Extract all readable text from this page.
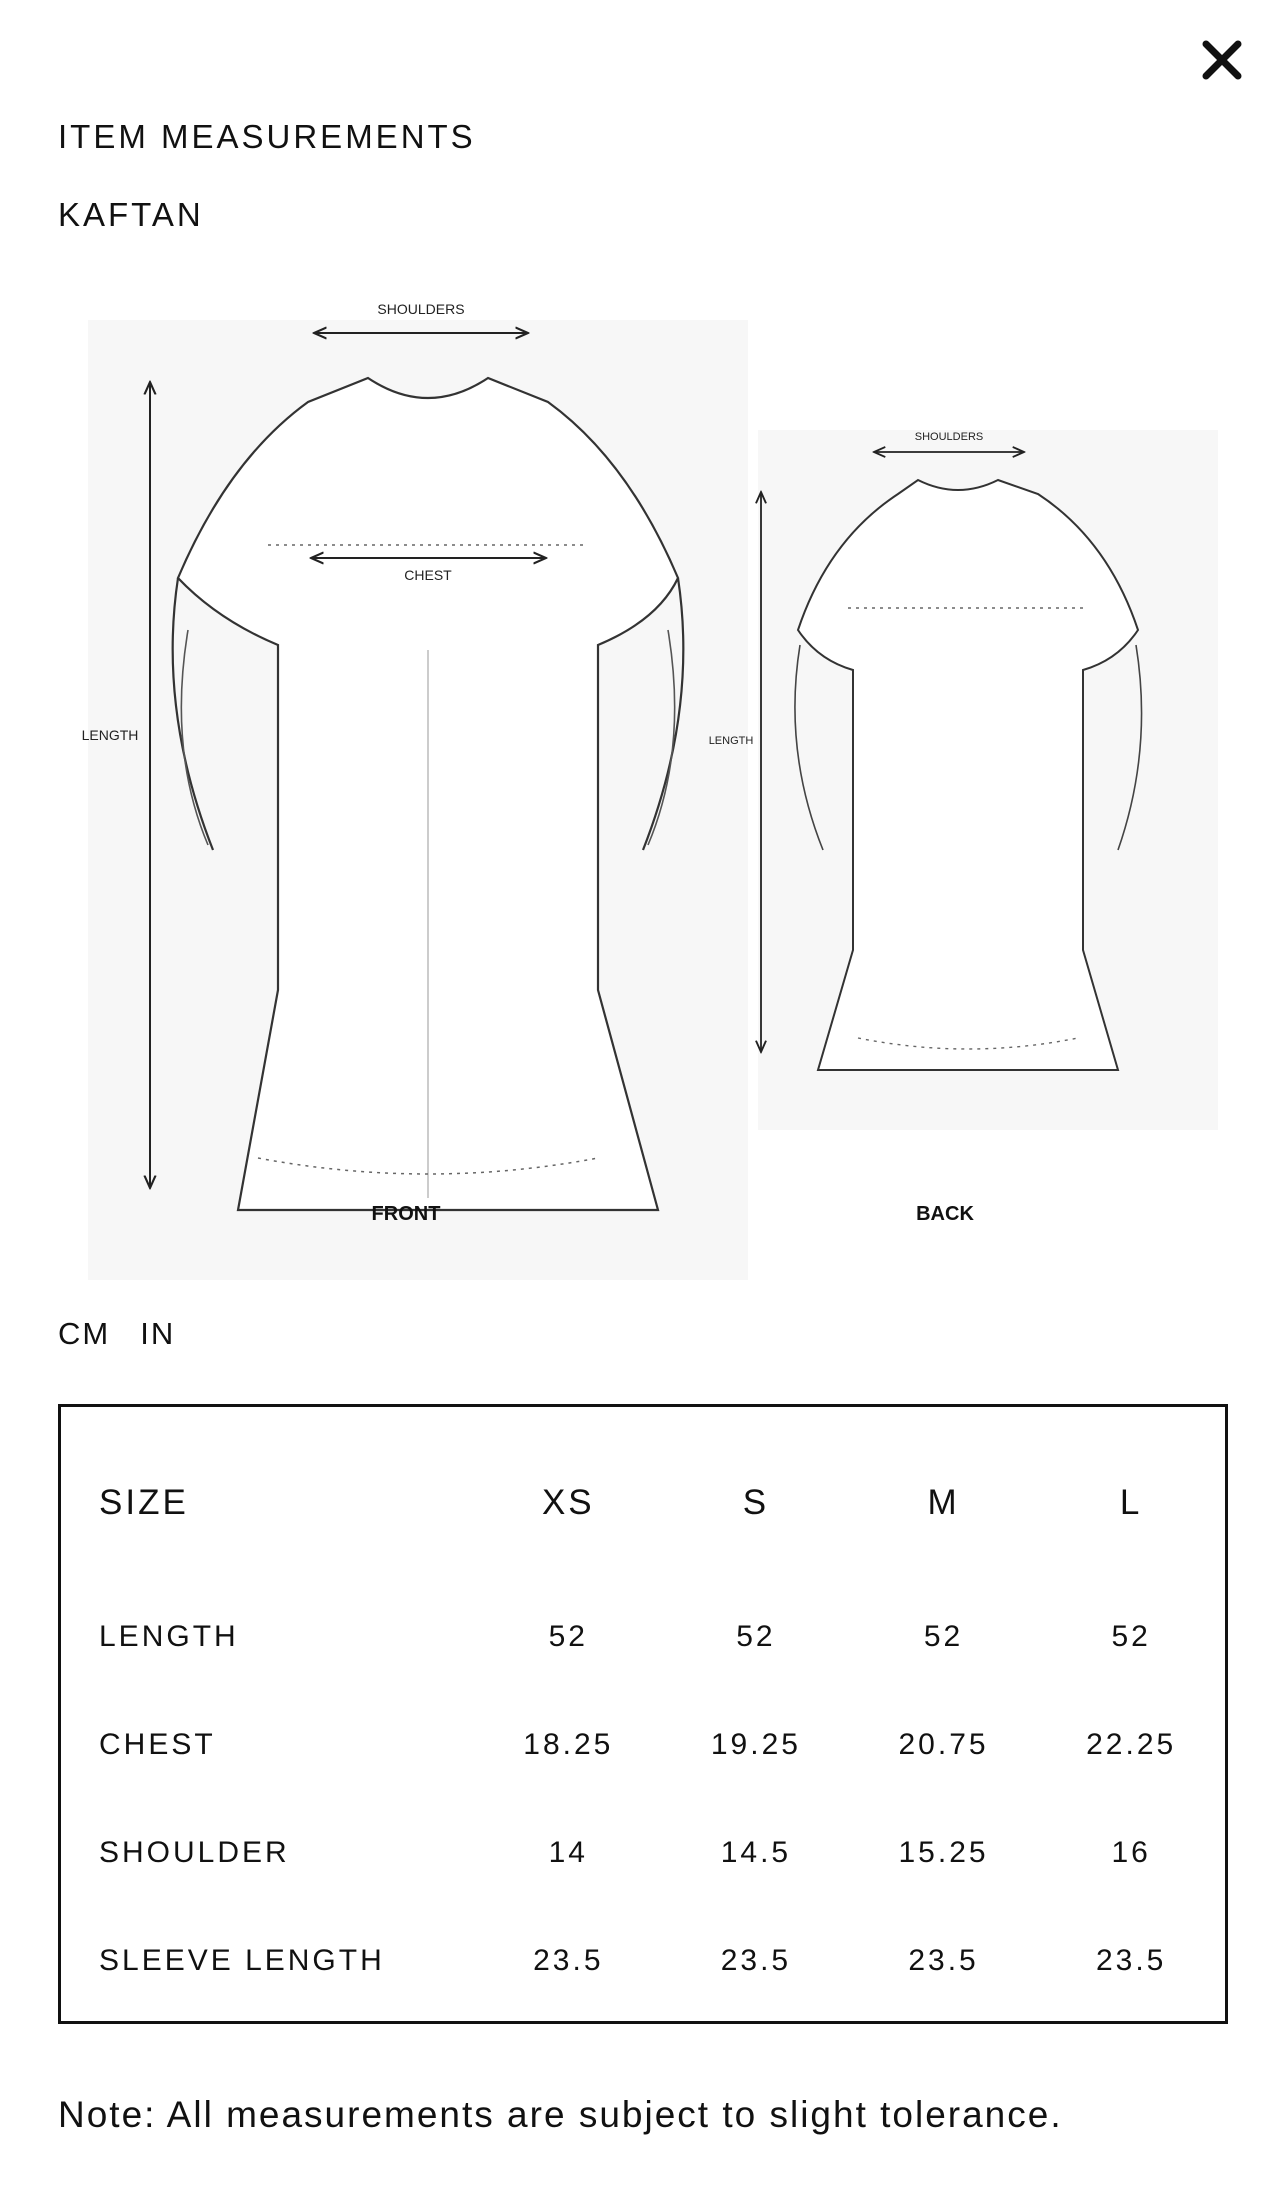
ITEM MEASUREMENTS
KAFTAN
SHOULDERS
CHEST
LENGTH
FRONT
SHOULDERS
LENGTH
BACK
CM IN
SIZE	XS	S	M	L
LENGTH	52	52	52	52
CHEST	18.25	19.25	20.75	22.25
SHOULDER	14	14.5	15.25	16
SLEEVE LENGTH	23.5	23.5	23.5	23.5
Note: All measurements are subject to slight tolerance.
